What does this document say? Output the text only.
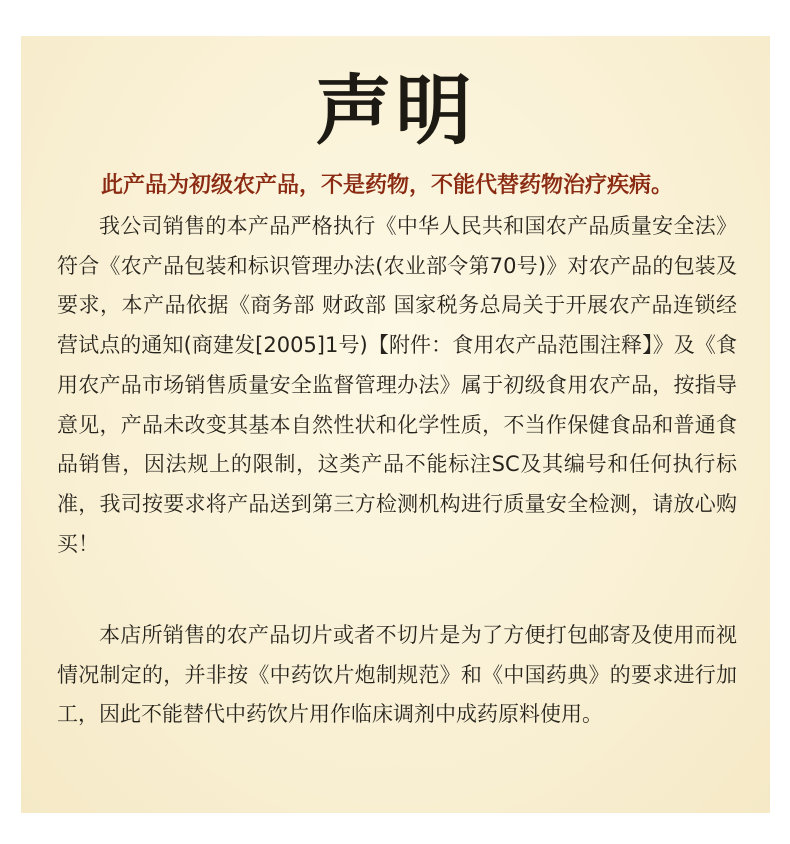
声明

此产品为初级农产品，不是药物，不能代替药物治疗疾病。

我公司销售的本产品严格执行《中华人民共和国农产品质量安全法》符合《农产品包装和标识管理办法(农业部令第70号)》对农产品的包装及要求，本产品依据《商务部 财政部 国家税务总局关于开展农产品连锁经营试点的通知(商建发[2005]1号)【附件：食用农产品范围注释】》及《食用农产品市场销售质量安全监督管理办法》属于初级食用农产品，按指导意见，产品未改变其基本自然性状和化学性质，不当作保健食品和普通食品销售，因法规上的限制，这类产品不能标注SC及其编号和任何执行标准，我司按要求将产品送到第三方检测机构进行质量安全检测，请放心购买！

本店所销售的农产品切片或者不切片是为了方便打包邮寄及使用而视情况制定的，并非按《中药饮片炮制规范》和《中国药典》的要求进行加工，因此不能替代中药饮片用作临床调剂中成药原料使用。
